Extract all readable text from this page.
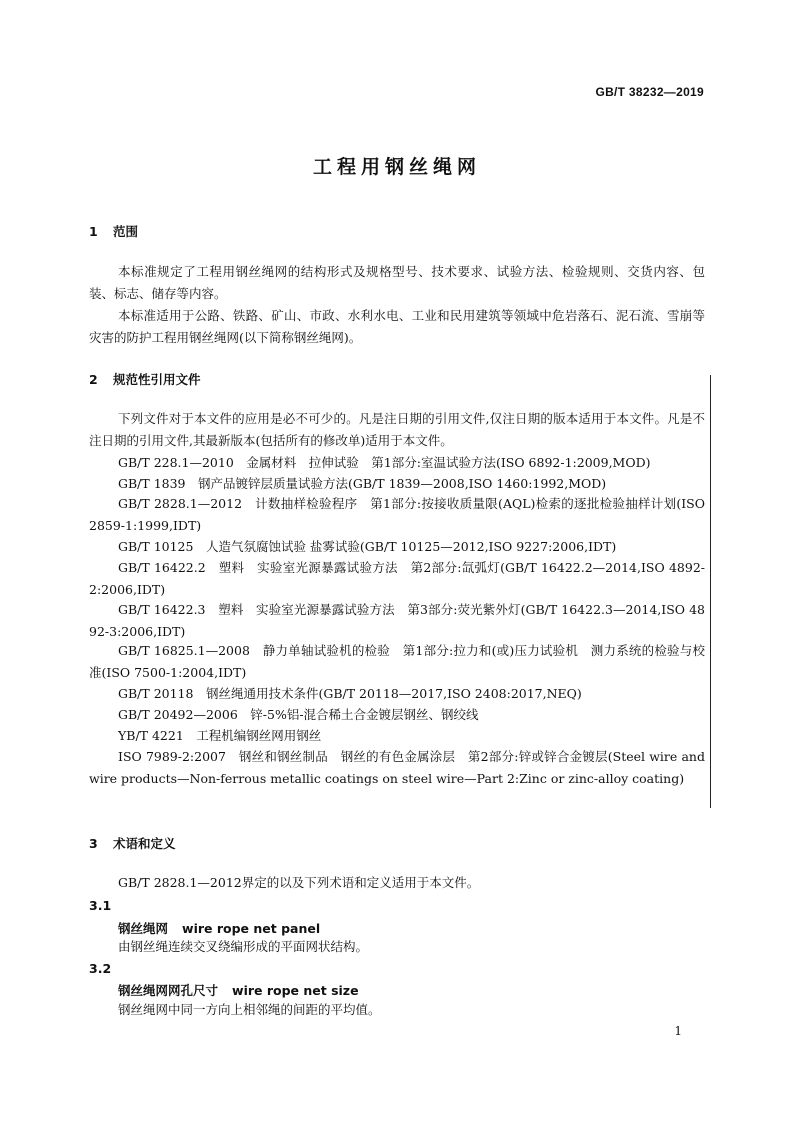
GB/T 38232—2019
工程用钢丝绳网
1 范围
本标准规定了工程用钢丝绳网的结构形式及规格型号、技术要求、试验方法、检验规则、交货内容、包装、标志、储存等内容。
本标准适用于公路、铁路、矿山、市政、水利水电、工业和民用建筑等领域中危岩落石、泥石流、雪崩等灾害的防护工程用钢丝绳网(以下简称钢丝绳网)。
2 规范性引用文件
下列文件对于本文件的应用是必不可少的。凡是注日期的引用文件,仅注日期的版本适用于本文件。凡是不注日期的引用文件,其最新版本(包括所有的修改单)适用于本文件。
GB/T 228.1—2010　金属材料　拉伸试验　第1部分:室温试验方法(ISO 6892-1:2009,MOD)
GB/T 1839　钢产品镀锌层质量试验方法(GB/T 1839—2008,ISO 1460:1992,MOD)
GB/T 2828.1—2012　计数抽样检验程序　第1部分:按接收质量限(AQL)检索的逐批检验抽样计划(ISO 2859-1:1999,IDT)
GB/T 10125　人造气氛腐蚀试验 盐雾试验(GB/T 10125—2012,ISO 9227:2006,IDT)
GB/T 16422.2　塑料　实验室光源暴露试验方法　第2部分:氙弧灯(GB/T 16422.2—2014,ISO 4892-2:2006,IDT)
GB/T 16422.3　塑料　实验室光源暴露试验方法　第3部分:荧光紫外灯(GB/T 16422.3—2014,ISO 4892-3:2006,IDT)
GB/T 16825.1—2008　静力单轴试验机的检验　第1部分:拉力和(或)压力试验机　测力系统的检验与校准(ISO 7500-1:2004,IDT)
GB/T 20118　钢丝绳通用技术条件(GB/T 20118—2017,ISO 2408:2017,NEQ)
GB/T 20492—2006　锌-5%铝-混合稀土合金镀层钢丝、钢绞线
YB/T 4221　工程机编钢丝网用钢丝
ISO 7989-2:2007　钢丝和钢丝制品　钢丝的有色金属涂层　第2部分:锌或锌合金镀层(Steel wire and wire products—Non-ferrous metallic coatings on steel wire—Part 2:Zinc or zinc-alloy coating)
3 术语和定义
GB/T 2828.1—2012界定的以及下列术语和定义适用于本文件。
3.1
钢丝绳网 wire rope net panel
由钢丝绳连续交叉绕编形成的平面网状结构。
3.2
钢丝绳网网孔尺寸 wire rope net size
钢丝绳网中同一方向上相邻绳的间距的平均值。
1
